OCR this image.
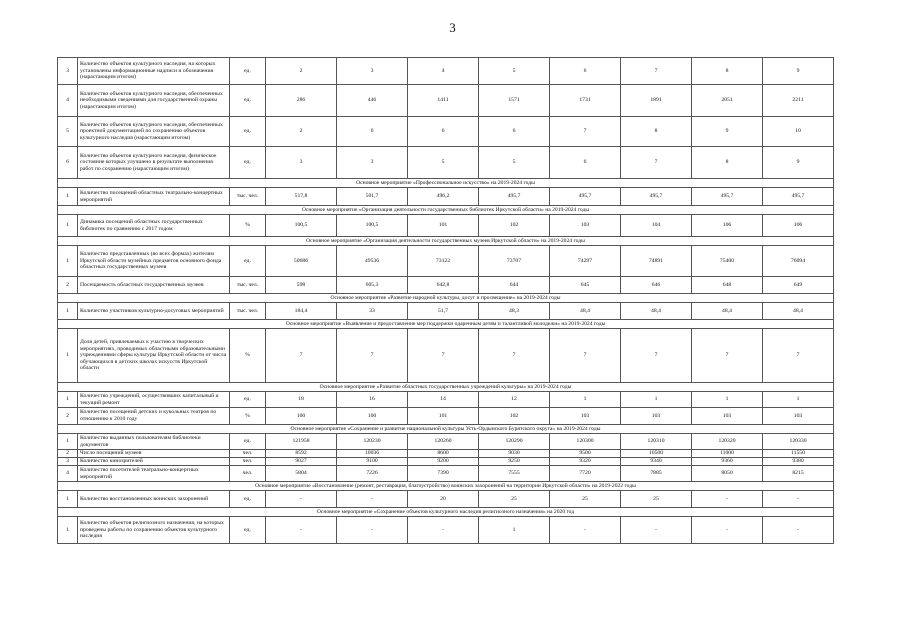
3
3	Количество объектов культурного наследия, на которых установлены информационные надписи и обозначения (нарастающим итогом)	ед.	2	3	4	5	6	7	8	9
4	Количество объектов культурного наследия, обеспеченных необходимыми сведениями для государственной охраны (нарастающим итогом)	ед.	286	446	1411	1571	1731	1891	2051	2211
5	Количество объектов культурного наследия, обеспеченных проектной документацией по сохранению объектов культурного наследия (нарастающим итогом)	ед.	2	6	6	6	7	8	9	10
6	Количество объектов культурного наследия, физическое состояние которых улучшено в результате выполнения работ по сохранению (нарастающим итогом)	ед.	3	3	5	5	6	7	8	9
Основное мероприятие «Профессиональное искусство» на 2019-2024 годы										
1	Количество посещений областных театрально-концертных мероприятий	тыс. чел.	517,8	501,7	496,2	495,7	495,7	495,7	495,7	495,7
Основное мероприятие «Организация деятельности государственных библиотек Иркутской области» на 2019-2024 годы										
1	Динамика посещений областных государственных библиотек по сравнению с 2017 годом	%	100,5	100,5	101	102	103	104	106	106
Основное мероприятие «Организация деятельности государственных музеев Иркутской области» на 2019-2024 годы										
1	Количество представленных (во всех формах) жителям Иркутской области музейных предметов основного фонда областных государственных музеев	ед.	50686	49536	73122	73707	74297	74891	75400	76094
2	Посещаемость областных государственных музеев	тыс. чел.	598	605,3	642,8	644	645	646	648	649
Основное мероприятие «Развитие народной культуры, досуг и просвещение» на 2019-2024 годы										
1	Количество участников культурно-досуговых мероприятий	тыс. чел.	184,4	33	51,7	48,3	48,4	48,4	48,4	48,4
Основное мероприятие «Выявление и предоставление мер поддержки одаренным детям и талантливой молодежи» на 2019-2024 годы										
1	Доля детей, привлекаемых к участию в творческих мероприятиях, проводимых областными образовательными учреждениями сферы культуры Иркутской области от числа обучающихся в детских школах искусств Иркутской области	%	7	7	7	7	7	7	7	7
Основное мероприятие «Развитие областных государственных учреждений культуры» на 2019-2024 годы										
1	Количество учреждений, осуществивших капитальный и текущий ремонт	ед.	18	16	14	12	1	1	1	1
2	Количество посещений детских и кукольных театров по отношению к 2010 году	%	100	100	101	102	103	103	103	103
Основное мероприятие «Сохранение и развитие национальной культуры Усть-Ордынского Бурятского округа» на 2019-2024 годы										
1	Количество выданных пользователям библиотеки документов	ед.	121958	120230	120260	120290	120300	120310	120320	120330
2	Число посещений музеев	чел.	8592	10036	8600	9030	9500	10500	11000	11550
3	Количество кинозрителей	чел.	9027	9100	9200	9250	9320	9340	9360	9380
4	Количество посетителей театрально-концертных мероприятий	чел.	5804	7226	7390	7555	7720	7885	8050	8215
Основное мероприятие «Восстановление (ремонт, реставрация, благоустройство) воинских захоронений на территории Иркутской области» на 2019-2022 годы										
1	Количество восстановленных воинских захоронений	ед.	-	-	20	25	25	25	-	-
Основное мероприятие «Сохранение объектов культурного наследия религиозного назначения» на 2020 год										
1	Количество объектов религиозного назначения, на которых проведены работы по сохранению объектов культурного наследия	ед.	-	-	-	1	-	-	-	-
